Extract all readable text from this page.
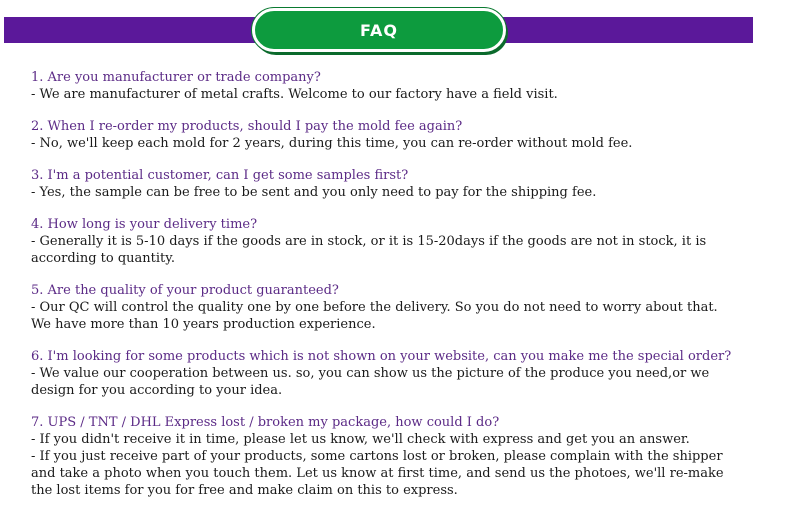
FAQ

1. Are you manufacturer or trade company?

- We are manufacturer of metal crafts. Welcome to our factory have a field visit.

2. When I re-order my products, should I pay the mold fee again?

- No, we'll keep each mold for 2 years, during this time, you can re-order without mold fee.

3. I'm a potential customer, can I get some samples first?

- Yes, the sample can be free to be sent and you only need to pay for the shipping fee.

4. How long is your delivery time?

- Generally it is 5-10 days if the goods are in stock, or it is 15-20days if the goods are not in stock, it is according to quantity.

5. Are the quality of your product guaranteed?

- Our QC will control the quality one by one before the delivery. So you do not need to worry about that. We have more than 10 years production experience.

6. I'm looking for some products which is not shown on your website, can you make me the special order?

- We value our cooperation between us. so, you can show us the picture of the produce you need,or we design for you according to your idea.

7. UPS / TNT / DHL Express lost / broken my package, how could I do?

- If you didn't receive it in time, please let us know, we'll check with express and get you an answer.

- If you just receive part of your products, some cartons lost or broken, please complain with the shipper and take a photo when you touch them. Let us know at first time, and send us the photoes, we'll re-make the lost items for you for free and make claim on this to express.
